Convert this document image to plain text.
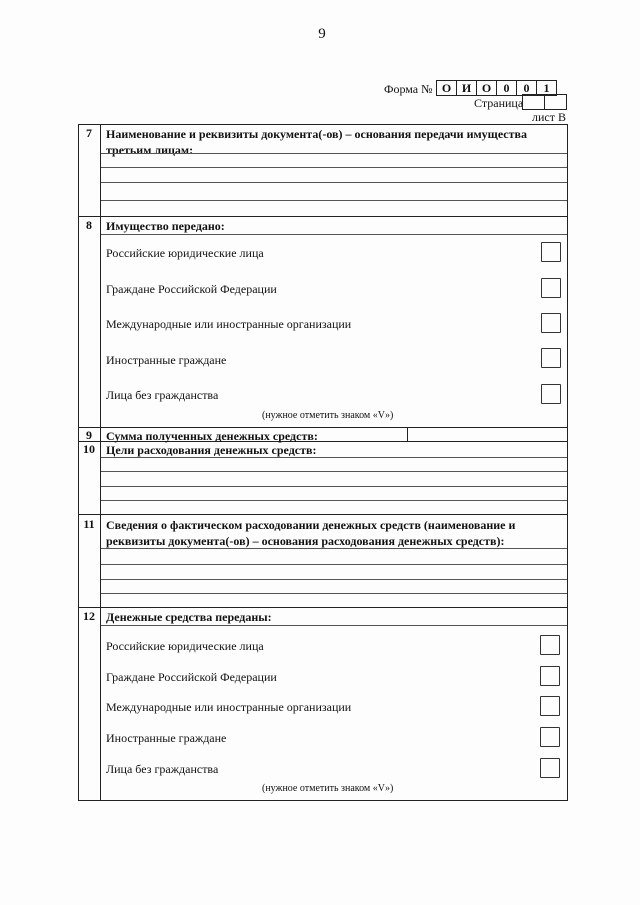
9
Форма № О И О	0	0	1
Страница
лист В
7	Наименование и реквизиты документа(-ов) – основания передачи имущества третьим лицам:
8	Имущество передано:
Российские юридические лица
Граждане Российской Федерации
Международные или иностранные организации
Иностранные граждане
Лица без гражданства
(нужное отметить знаком «V»)
9	Сумма полученных денежных средств:
10 Цели расходования денежных средств:
11 Сведения о фактическом расходовании денежных средств (наименование и реквизиты документа(-ов) – основания расходования денежных средств):
12 Денежные средства переданы:
Российские юридические лица
Граждане Российской Федерации
Международные или иностранные организации
Иностранные граждане
Лица без гражданства
(нужное отметить знаком «V»)
